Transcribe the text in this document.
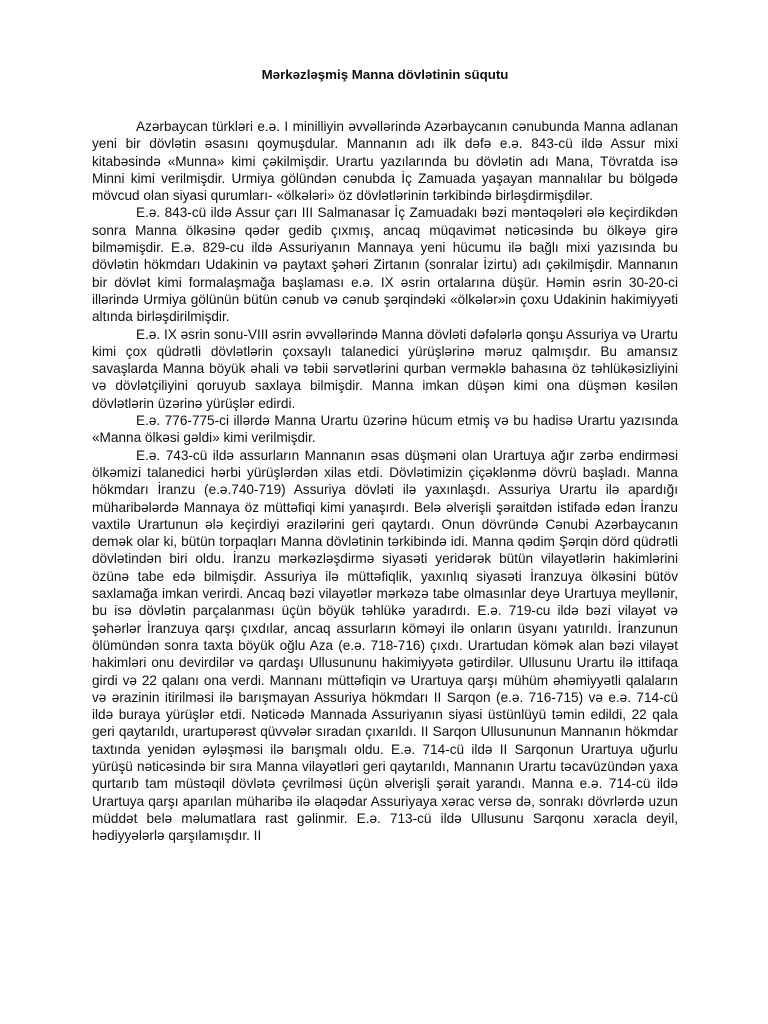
Mərkəzləşmiş Manna dövlətinin süqutu

Azərbaycan türkləri e.ə. I minilliyin əvvəllərində Azərbaycanın cənubunda Manna adlanan yeni bir dövlətin əsasını qoymuşdular. Mannanın adı ilk dəfə e.ə. 843-cü ildə Assur mixi kitabəsində «Munna» kimi çəkilmişdir. Urartu yazılarında bu dövlətin adı Mana, Tövratda isə Minni kimi verilmişdir. Urmiya gölündən cənubda İç Zamuada yaşayan mannalılar bu bölgədə mövcud olan siyasi qurumları- «ölkələri» öz dövlətlərinin tərkibində birləşdirmişdilər.

E.ə. 843-cü ildə Assur çarı III Salmanasar İç Zamuadakı bəzi məntəqələri ələ keçirdikdən sonra Manna ölkəsinə qədər gedib çıxmış, ancaq müqavimət nəticəsində bu ölkəyə girə bilməmişdir. E.ə. 829-cu ildə Assuriyanın Mannaya yeni hücumu ilə bağlı mixi yazısında bu dövlətin hökmdarı Udakinin və paytaxt şəhəri Zirtanın (sonralar İzirtu) adı çəkilmişdir. Mannanın bir dövlət kimi formalaşmağa başlaması e.ə. IX əsrin ortalarına düşür. Həmin əsrin 30-20-ci illərində Urmiya gölünün bütün cənub və cənub şərqindəki «ölkələr»in çoxu Udakinin hakimiyyəti altında birləşdirilmişdir.

E.ə. IX əsrin sonu-VIII əsrin əvvəllərində Manna dövləti dəfələrlə qonşu Assuriya və Urartu kimi çox qüdrətli dövlətlərin çoxsaylı talanedici yürüşlərinə məruz qalmışdır. Bu amansız savaşlarda Manna böyük əhali və təbii sərvətlərini qurban verməklə bahasına öz təhlükəsizliyini və dövlətçiliyini qoruyub saxlaya bilmişdir. Manna imkan düşən kimi ona düşmən kəsilən dövlətlərin üzərinə yürüşlər edirdi.

E.ə. 776-775-ci illərdə Manna Urartu üzərinə hücum etmiş və bu hadisə Urartu yazısında «Manna ölkəsi gəldi» kimi verilmişdir.

E.ə. 743-cü ildə assurların Mannanın əsas düşməni olan Urartuya ağır zərbə endirməsi ölkəmizi talanedici hərbi yürüşlərdən xilas etdi. Dövlətimizin çiçəklənmə dövrü başladı. Manna hökmdarı İranzu (e.ə.740-719) Assuriya dövləti ilə yaxınlaşdı. Assuriya Urartu ilə apardığı müharibələrdə Mannaya öz müttəfiqi kimi yanaşırdı. Belə əlverişli şəraitdən istifadə edən İranzu vaxtilə Urartunun ələ keçirdiyi ərazilərini geri qaytardı. Onun dövründə Cənubi Azərbaycanın demək olar ki, bütün torpaqları Manna dövlətinin tərkibində idi. Manna qədim Şərqin dörd qüdrətli dövlətindən biri oldu. İranzu mərkəzləşdirmə siyasəti yeridərək bütün vilayətlərin hakimlərini özünə tabe edə bilmişdir. Assuriya ilə müttəfiqlik, yaxınlıq siyasəti İranzuya ölkəsini bütöv saxlamağa imkan verirdi. Ancaq bəzi vilayətlər mərkəzə tabe olmasınlar deyə Urartuya meyllənir, bu isə dövlətin parçalanması üçün böyük təhlükə yaradırdı. E.ə. 719-cu ildə bəzi vilayət və şəhərlər İranzuya qarşı çıxdılar, ancaq assurların köməyi ilə onların üsyanı yatırıldı. İranzunun ölümündən sonra taxta böyük oğlu Aza (e.ə. 718-716) çıxdı. Urartudan kömək alan bəzi vilayət hakimləri onu devirdilər və qardaşı Ullusununu hakimiyyətə gətirdilər. Ullusunu Urartu ilə ittifaqa girdi və 22 qalanı ona verdi. Mannanı müttəfiqin və Urartuya qarşı mühüm əhəmiyyətli qalaların və ərazinin itirilməsi ilə barışmayan Assuriya hökmdarı II Sarqon (e.ə. 716-715) və e.ə. 714-cü ildə buraya yürüşlər etdi. Nəticədə Mannada Assuriyanın siyasi üstünlüyü təmin edildi, 22 qala geri qaytarıldı, urartupərəst qüvvələr sıradan çıxarıldı. II Sarqon Ullusununun Mannanın hökmdar taxtında yenidən əyləşməsi ilə barışmalı oldu. E.ə. 714-cü ildə II Sarqonun Urartuya uğurlu yürüşü nəticəsində bir sıra Manna vilayətləri geri qaytarıldı, Mannanın Urartu təcavüzündən yaxa qurtarıb tam müstəqil dövlətə çevrilməsi üçün əlverişli şərait yarandı. Manna e.ə. 714-cü ildə Urartuya qarşı aparılan müharibə ilə əlaqədar Assuriyaya xərac versə də, sonrakı dövrlərdə uzun müddət belə məlumatlara rast gəlinmir. E.ə. 713-cü ildə Ullusunu Sarqonu xəracla deyil, hədiyyələrlə qarşılamışdır. II
